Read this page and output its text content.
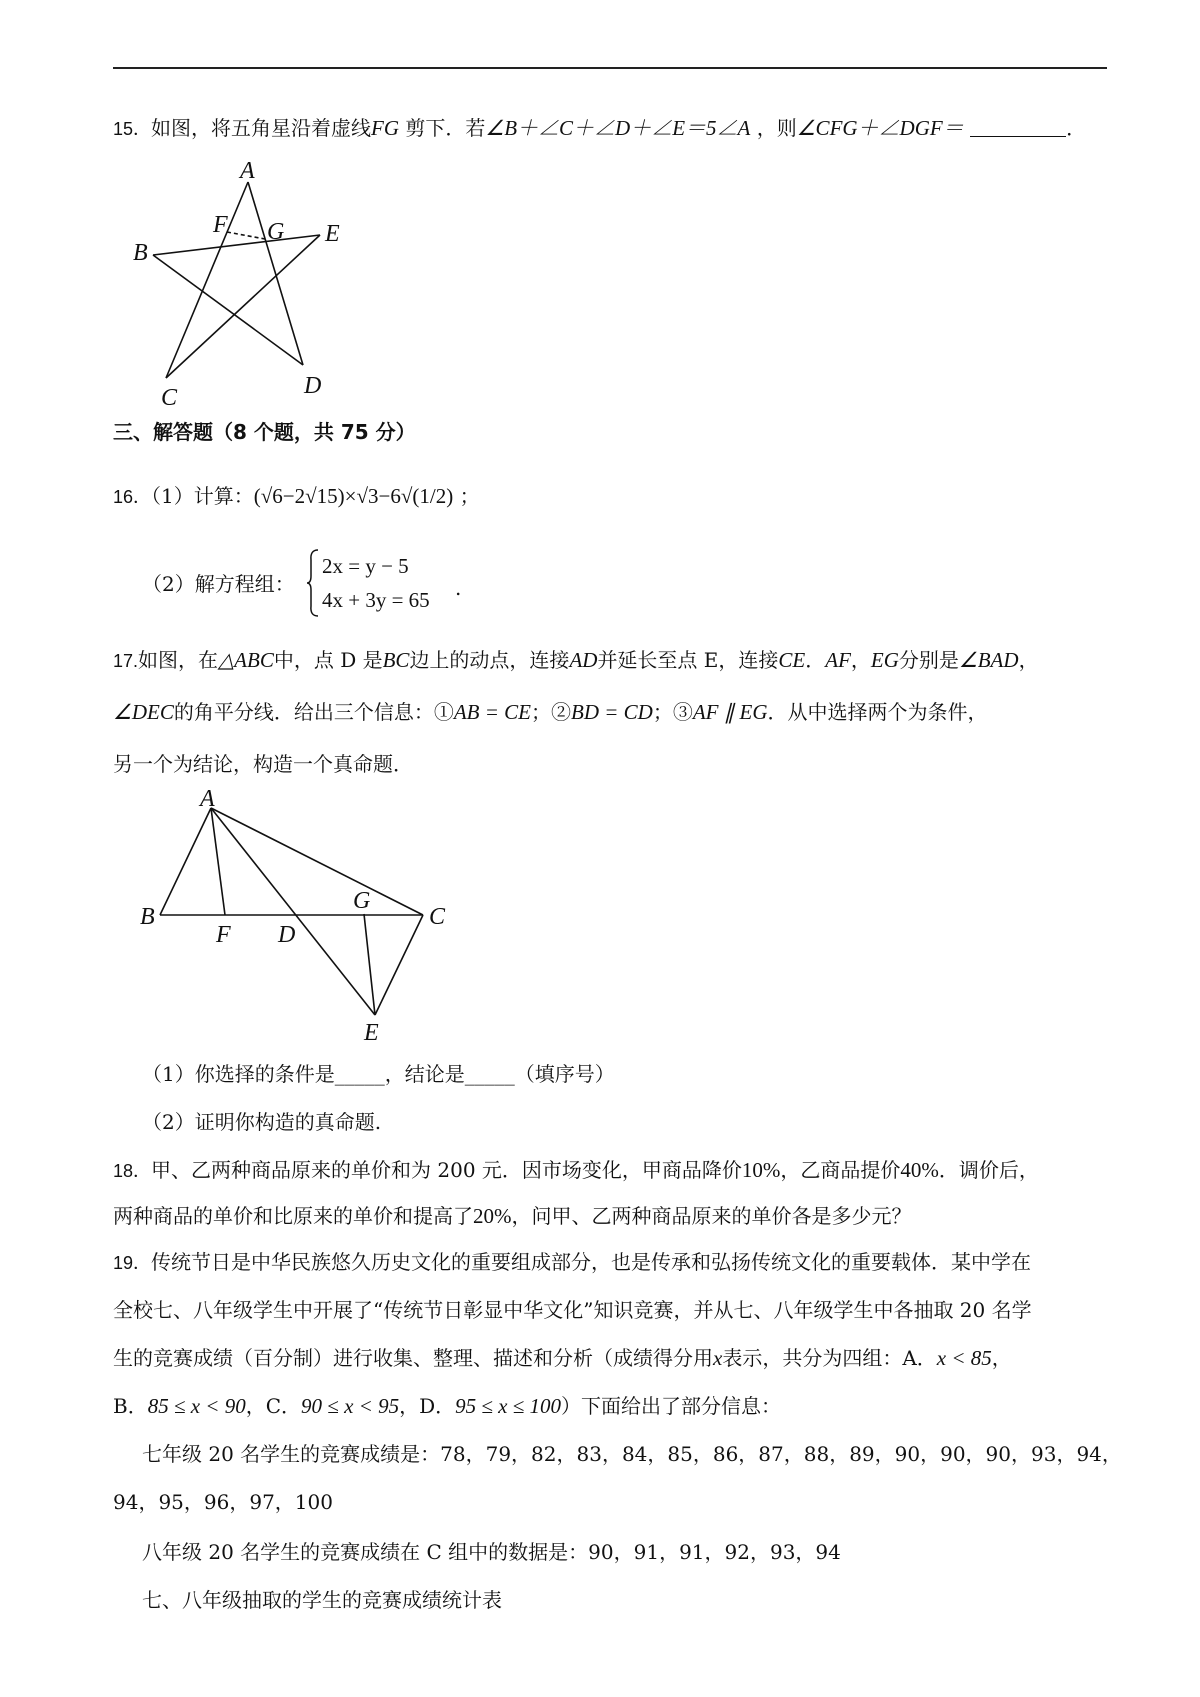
15．如图，将五角星沿着虚线FG 剪下．若∠B＋∠C＋∠D＋∠E＝5∠A ，则∠CFG＋∠DGF＝	．
A
B
C	D
E
F G
三、解答题（8 个题，共 75 分）
16．（1）计算：(√6−2√15)×√3−6√(1/2) ；
（2）解方程组：
2x = y − 5
4x + 3y = 65 .
17.如图，在△ABC中，点 D 是BC边上的动点，连接AD并延长至点 E，连接CE．AF，EG分别是∠BAD，
∠DEC的角平分线．给出三个信息：①AB = CE；②BD = CD；③AF ∥ EG．从中选择两个为条件，
另一个为结论，构造一个真命题．
A
B	C
D
E
F
G
（1）你选择的条件是_____，结论是_____（填序号）
（2）证明你构造的真命题.
18．甲、乙两种商品原来的单价和为 200 元．因市场变化，甲商品降价10%，乙商品提价40%．调价后，
两种商品的单价和比原来的单价和提高了20%，问甲、乙两种商品原来的单价各是多少元？
19．传统节日是中华民族悠久历史文化的重要组成部分，也是传承和弘扬传统文化的重要载体．某中学在
全校七、八年级学生中开展了“传统节日彰显中华文化”知识竞赛，并从七、八年级学生中各抽取 20 名学
生的竞赛成绩（百分制）进行收集、整理、描述和分析（成绩得分用x表示，共分为四组：A．x < 85，
B．85 ≤ x < 90，C．90 ≤ x < 95，D．95 ≤ x ≤ 100）下面给出了部分信息：
七年级 20 名学生的竞赛成绩是：78，79，82，83，84，85，86，87，88，89，90，90，90，93，94，
94，95，96，97，100
八年级 20 名学生的竞赛成绩在 C 组中的数据是：90，91，91，92，93，94
七、八年级抽取的学生的竞赛成绩统计表
